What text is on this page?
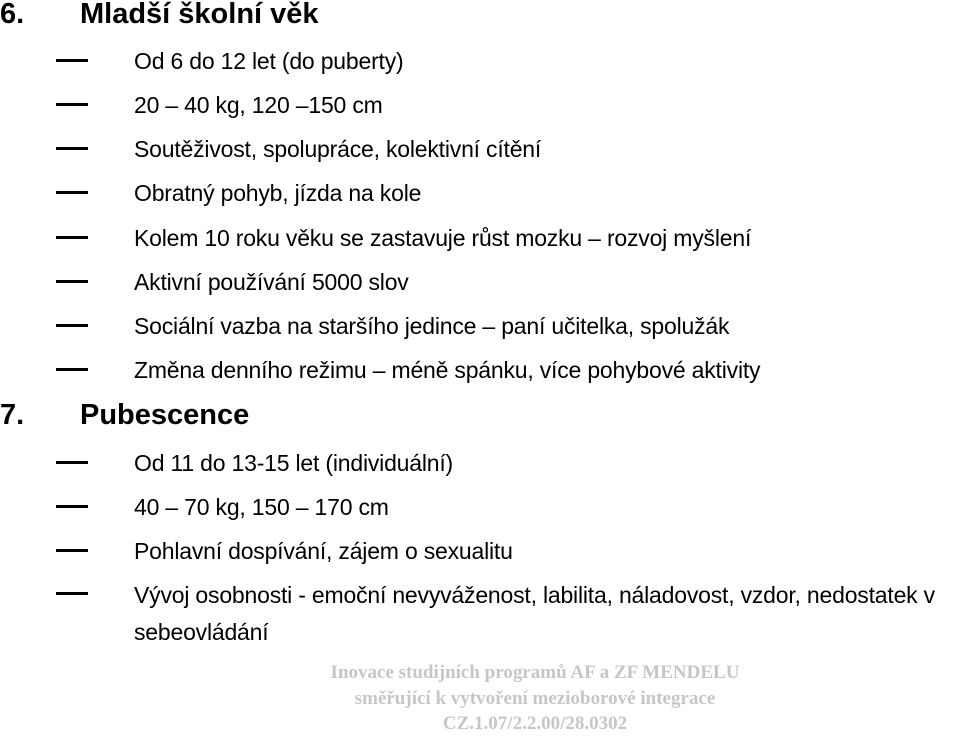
6. Mladší školní věk
Od 6 do 12 let (do puberty)
20 – 40 kg, 120 –150 cm
Soutěživost, spolupráce, kolektivní cítění
Obratný pohyb, jízda na kole
Kolem 10 roku věku se zastavuje růst mozku – rozvoj myšlení
Aktivní používání 5000 slov
Sociální vazba na staršího jedince – paní učitelka, spolužák
Změna denního režimu – méně spánku, více pohybové aktivity
7. Pubescence
Od 11 do 13-15 let (individuální)
40 – 70 kg, 150 – 170 cm
Pohlavní dospívání, zájem o sexualitu
Vývoj osobnosti - emoční nevyváženost, labilita, náladovost, vzdor, nedostatek v sebeovládání
Inovace studijních programů AF a ZF MENDELU
směřující k vytvoření mezioborové integrace
CZ.1.07/2.2.00/28.0302
